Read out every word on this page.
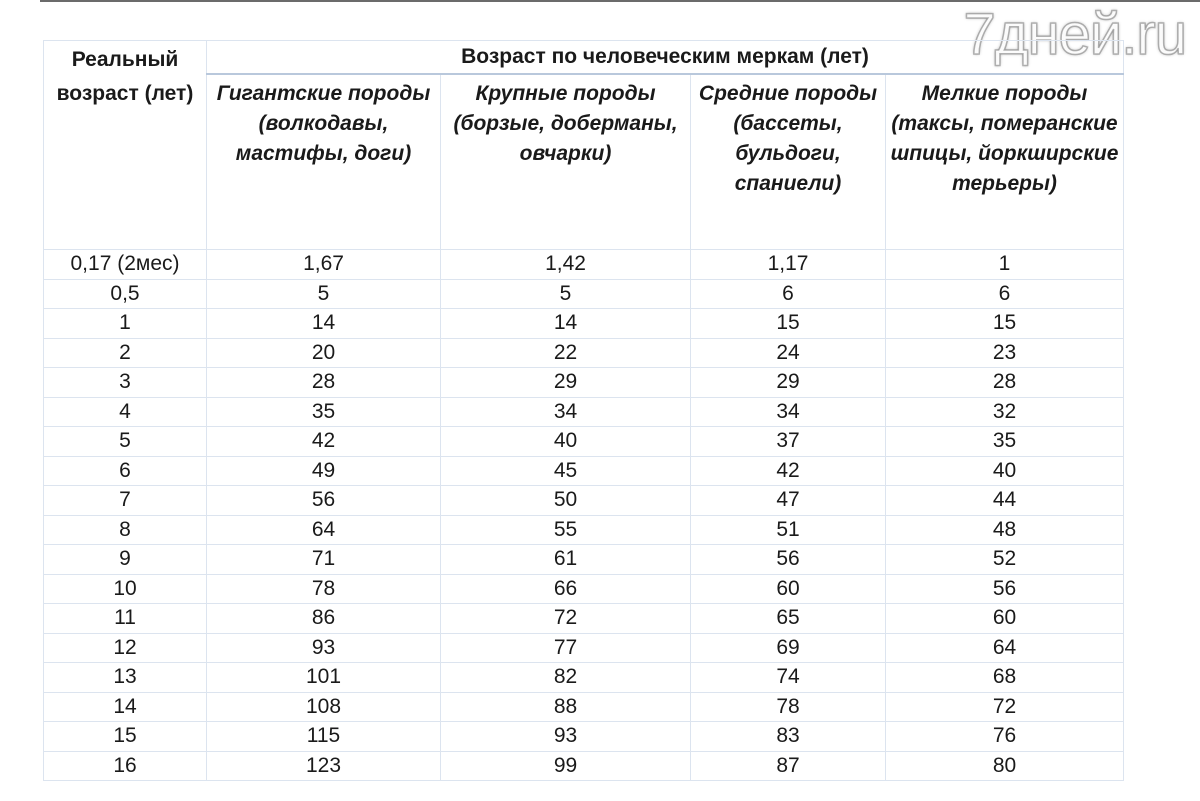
7дней.ru
Реальный возраст (лет)	Возраст по человеческим меркам (лет)			
	Гигантские породы (волкодавы, мастифы, доги)	Крупные породы (борзые, доберманы, овчарки)	Средние породы (бассеты, бульдоги, спаниели)	Мелкие породы (таксы, померанские шпицы, йоркширские терьеры)
0,17 (2мес)	1,67	1,42	1,17	1
0,5	5	5	6	6
1	14	14	15	15
2	20	22	24	23
3	28	29	29	28
4	35	34	34	32
5	42	40	37	35
6	49	45	42	40
7	56	50	47	44
8	64	55	51	48
9	71	61	56	52
10	78	66	60	56
11	86	72	65	60
12	93	77	69	64
13	101	82	74	68
14	108	88	78	72
15	115	93	83	76
16	123	99	87	80
